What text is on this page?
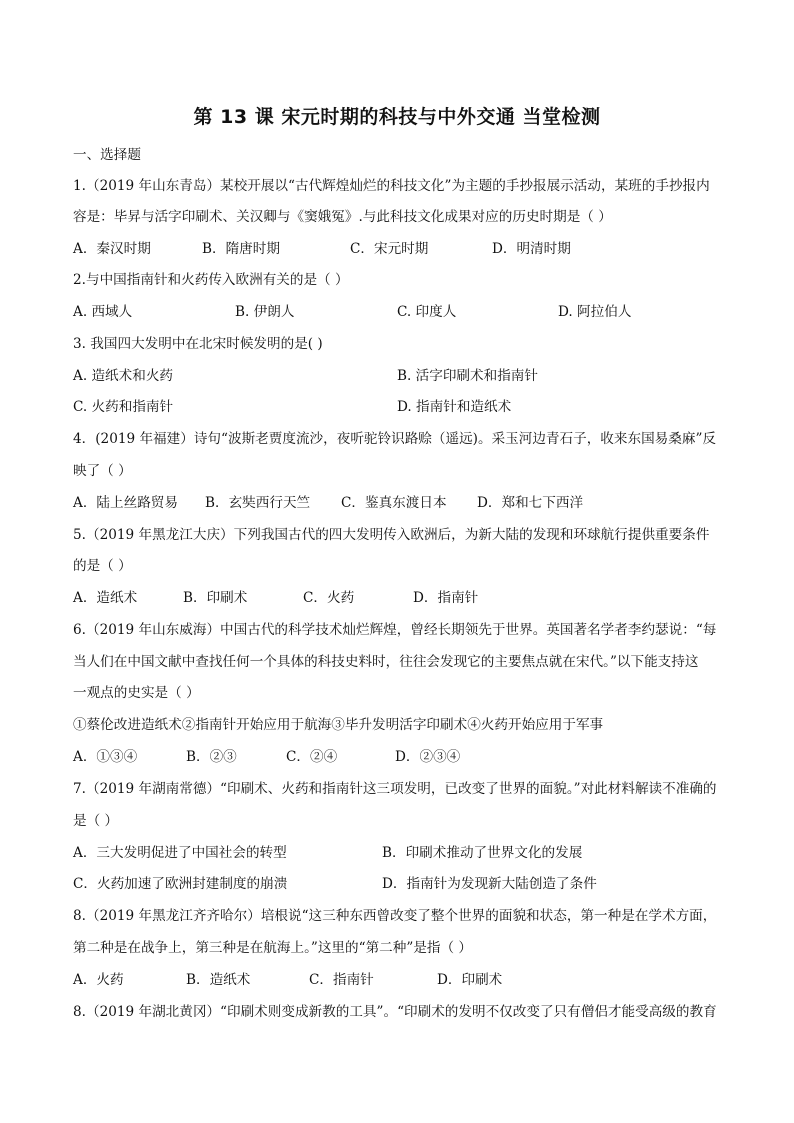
第 13 课 宋元时期的科技与中外交通 当堂检测
一、选择题
1.（2019 年山东青岛）某校开展以“古代辉煌灿烂的科技文化”为主题的手抄报展示活动，某班的手抄报内
容是：毕昇与活字印刷术、关汉卿与《窦娥冤》.与此科技文化成果对应的历史时期是（ ）
A．秦汉时期	B．隋唐时期	C．宋元时期	D．明清时期
2.与中国指南针和火药传入欧洲有关的是（ ）
A. 西域人	B. 伊朗人	C. 印度人	D. 阿拉伯人
3. 我国四大发明中在北宋时候发明的是( )
A. 造纸术和火药	B. 活字印刷术和指南针
C. 火药和指南针	D. 指南针和造纸术
4．(2019 年福建）诗句“波斯老贾度流沙，夜听驼铃识路赊（遥远)。采玉河边青石子，收来东国易桑麻”反
映了（ ）
A．陆上丝路贸易 B．玄奘西行天竺 C．鉴真东渡日本 D．郑和七下西洋
5.（2019 年黑龙江大庆）下列我国古代的四大发明传入欧洲后，为新大陆的发现和环球航行提供重要条件
的是（ ）
A．造纸术	B．印刷术	C．火药	D．指南针
6.（2019 年山东威海）中国古代的科学技术灿烂辉煌，曾经长期领先于世界。英国著名学者李约瑟说：“每
当人们在中国文献中查找任何一个具体的科技史料时，往往会发现它的主要焦点就在宋代。”以下能支持这
一观点的史实是（ ）
①蔡伦改进造纸术②指南针开始应用于航海③毕升发明活字印刷术④火药开始应用于军事
A．①③④	B．②③	C．②④	D．②③④
7.（2019 年湖南常德）“印刷术、火药和指南针这三项发明，已改变了世界的面貌。”对此材料解读不准确的
是（ ）
A．三大发明促进了中国社会的转型	B．印刷术推动了世界文化的发展
C．火药加速了欧洲封建制度的崩溃	D．指南针为发现新大陆创造了条件
8.（2019 年黑龙江齐齐哈尔）培根说“这三种东西曾改变了整个世界的面貌和状态，第一种是在学术方面，
第二种是在战争上，第三种是在航海上。”这里的“第二种”是指（ ）
A．火药	B．造纸术	C．指南针	D．印刷术
8.（2019 年湖北黄冈）“印刷术则变成新教的工具”。“印刷术的发明不仅改变了只有僧侣才能受高级的教育
